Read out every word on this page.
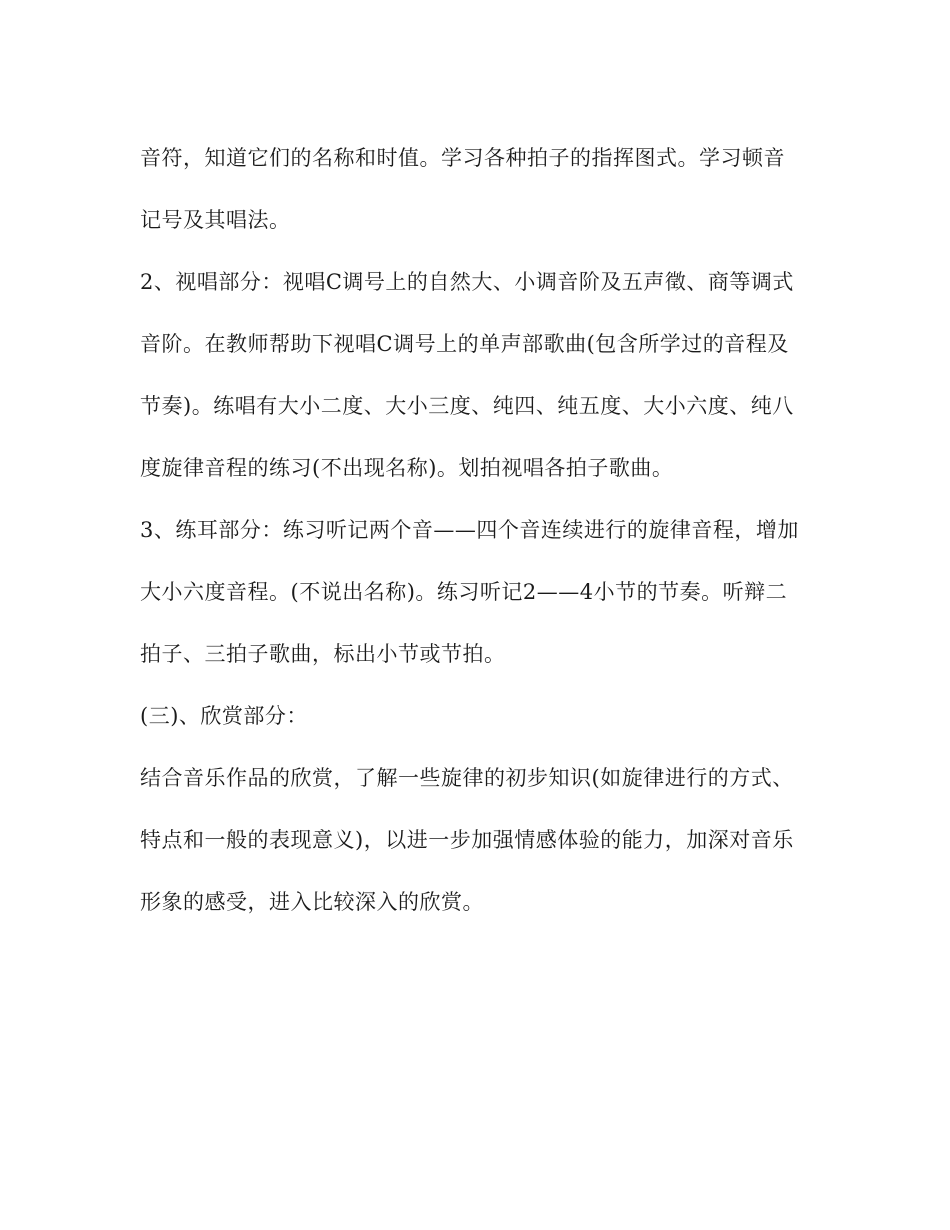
音符，知道它们的名称和时值。学习各种拍子的指挥图式。学习顿音
记号及其唱法。
2、视唱部分：视唱C调号上的自然大、小调音阶及五声徵、商等调式
音阶。在教师帮助下视唱C调号上的单声部歌曲(包含所学过的音程及
节奏)。练唱有大小二度、大小三度、纯四、纯五度、大小六度、纯八
度旋律音程的练习(不出现名称)。划拍视唱各拍子歌曲。
3、练耳部分：练习听记两个音——四个音连续进行的旋律音程，增加
大小六度音程。(不说出名称)。练习听记2——4小节的节奏。听辩二
拍子、三拍子歌曲，标出小节或节拍。
(三)、欣赏部分：
结合音乐作品的欣赏，了解一些旋律的初步知识(如旋律进行的方式、
特点和一般的表现意义)，以进一步加强情感体验的能力，加深对音乐
形象的感受，进入比较深入的欣赏。
